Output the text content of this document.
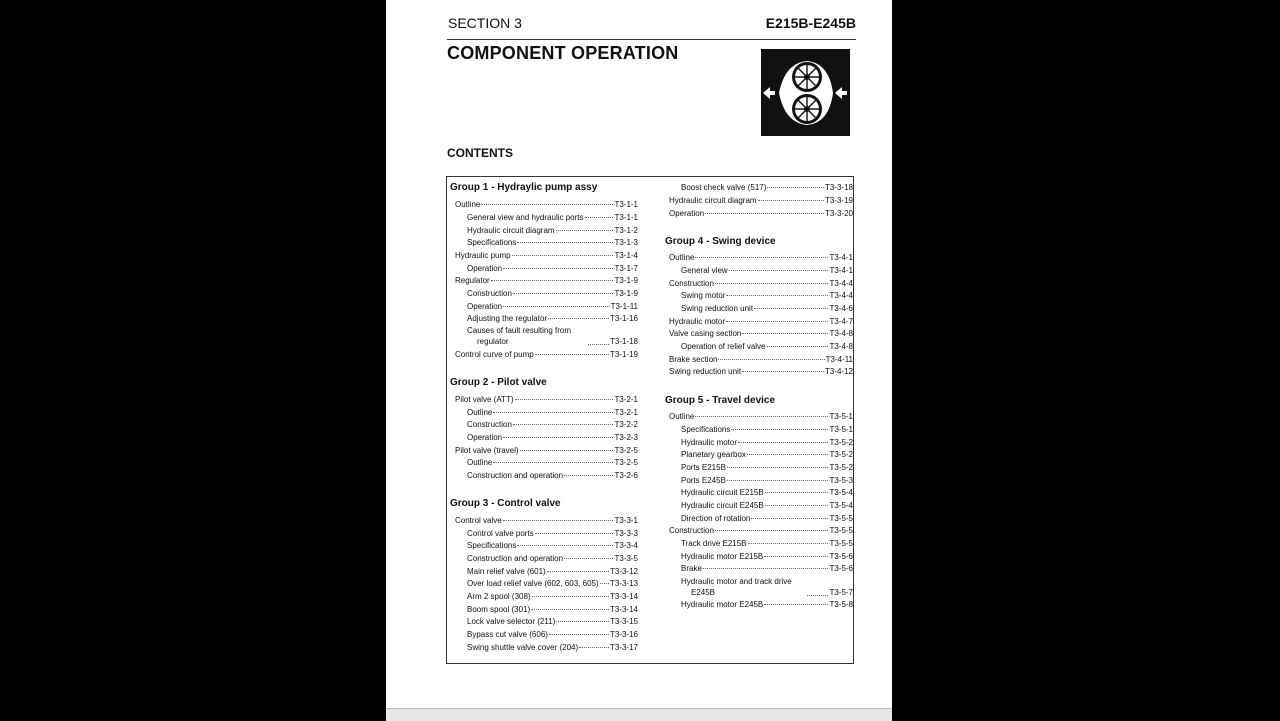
SECTION 3	E215B-E245B
COMPONENT OPERATION
CONTENTS
Group 1 - Hydraylic pump assy
Outline	T3-1-1
General view and hydraulic ports	T3-1-1
Hydraulic circuit diagram	T3-1-2
Specifications	T3-1-3
Hydraulic pump	T3-1-4
Operation	T3-1-7
Regulator	T3-1-9
Construction	T3-1-9
Operation	T3-1-11
Adjusting the regulator	T3-1-16
Causes of fault resulting from
regulator	T3-1-18
Control curve of pump	T3-1-19
Group 2 - Pilot valve
Pilot valve (ATT)	T3-2-1
Outline	T3-2-1
Construction	T3-2-2
Operation	T3-2-3
Pilot valve (travel)	T3-2-5
Outline	T3-2-5
Construction and operation	T3-2-6
Group 3 - Control valve
Control valve	T3-3-1
Control valve ports	T3-3-3
Specifications	T3-3-4
Construction and operation	T3-3-5
Main relief valve (601)	T3-3-12
Over load relief valve (602, 603, 605) T3-3-13
Arm 2 spool (308)	T3-3-14
Boom spool (301)	T3-3-14
Lock valve selector (211)	T3-3-15
Bypass cut valve (606)	T3-3-16
Swing shuttle valve cover (204)	T3-3-17
Boost check valve (517)	T3-3-18
Hydraulic circuit diagram	T3-3-19
Operation	T3-3-20
Group 4 - Swing device
Outline	T3-4-1
General view	T3-4-1
Construction	T3-4-4
Swing motor	T3-4-4
Swing reduction unit	T3-4-6
Hydraulic motor	T3-4-7
Valve casing section	T3-4-8
Operation of relief valve	T3-4-8
Brake section	T3-4-11
Swing reduction unit	T3-4-12
Group 5 - Travel device
Outline	T3-5-1
Specifications	T3-5-1
Hydraulic motor	T3-5-2
Planetary gearbox	T3-5-2
Ports E215B	T3-5-2
Ports E245B	T3-5-3
Hydraulic circuit E215B	T3-5-4
Hydraulic circuit E245B	T3-5-4
Direction of rotation	T3-5-5
Construction	T3-5-5
Track drive E215B	T3-5-5
Hydraulic motor E215B	T3-5-6
Brake	T3-5-6
Hydraulic motor and track drive
E245B	T3-5-7
Hydraulic motor E245B	T3-5-8
